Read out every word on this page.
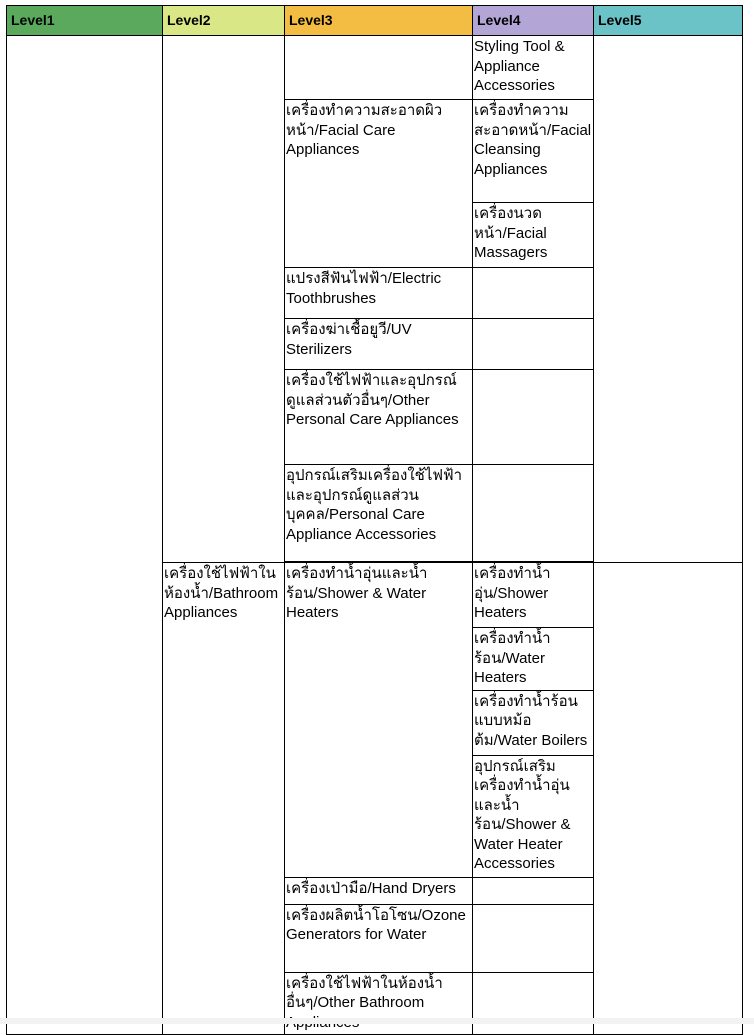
Level1	Level2	Level3	Level4	Level5
			Styling Tool & Appliance Accessories	
		เครื่องทำความสะอาดผิวหน้า/Facial Care Appliances	เครื่องทำความสะอาดหน้า/Facial Cleansing Appliances	
			เครื่องนวดหน้า/Facial Massagers	
		แปรงสีฟันไฟฟ้า/Electric Toothbrushes		
		เครื่องฆ่าเชื้อยูวี/UV Sterilizers		
		เครื่องใช้ไฟฟ้าและอุปกรณ์ดูแลส่วนตัวอื่นๆ/Other Personal Care Appliances		
		อุปกรณ์เสริมเครื่องใช้ไฟฟ้าและอุปกรณ์ดูแลส่วนบุคคล/Personal Care Appliance Accessories		

	เครื่องใช้ไฟฟ้าในห้องน้ำ/Bathroom Appliances	เครื่องทำน้ำอุ่นและน้ำร้อน/Shower & Water Heaters	เครื่องทำน้ำอุ่น/Shower Heaters	
			เครื่องทำน้ำร้อน/Water Heaters	
			เครื่องทำน้ำร้อนแบบหม้อต้ม/Water Boilers	
			อุปกรณ์เสริมเครื่องทำน้ำอุ่นและน้ำร้อน/Shower & Water Heater Accessories	
		เครื่องเป่ามือ/Hand Dryers		
		เครื่องผลิตน้ำโอโซน/Ozone Generators for Water		
		เครื่องใช้ไฟฟ้าในห้องน้ำอื่นๆ/Other Bathroom		
